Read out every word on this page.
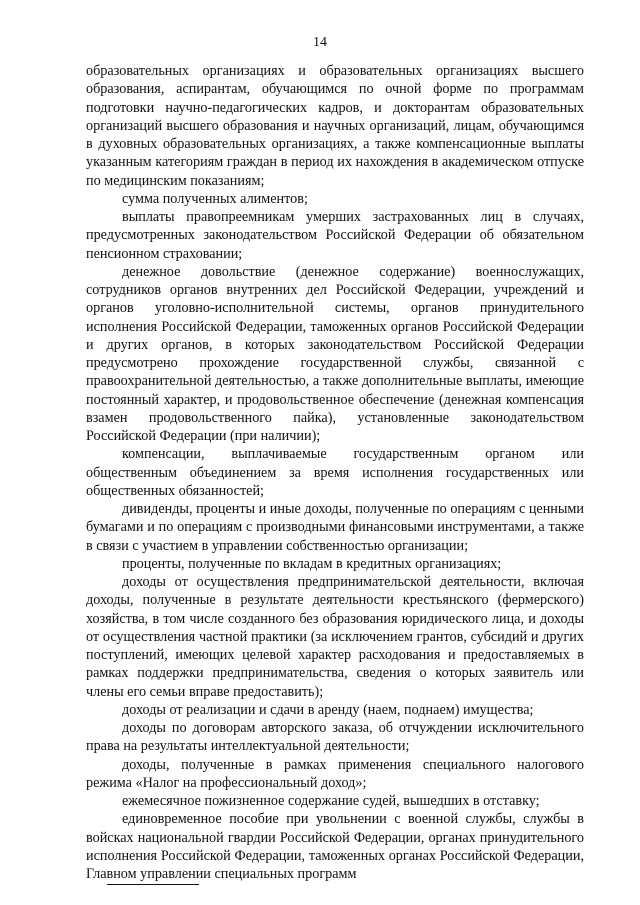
14

образовательных организациях и образовательных организациях высшего образования, аспирантам, обучающимся по очной форме по программам подготовки научно-педагогических кадров, и докторантам образовательных организаций высшего образования и научных организаций, лицам, обучающимся в духовных образовательных организациях, а также компенсационные выплаты указанным категориям граждан в период их нахождения в академическом отпуске по медицинским показаниям;

сумма полученных алиментов;

выплаты правопреемникам умерших застрахованных лиц в случаях, предусмотренных законодательством Российской Федерации об обязательном пенсионном страховании;

денежное довольствие (денежное содержание) военнослужащих, сотрудников органов внутренних дел Российской Федерации, учреждений и органов уголовно-исполнительной системы, органов принудительного исполнения Российской Федерации, таможенных органов Российской Федерации и других органов, в которых законодательством Российской Федерации предусмотрено прохождение государственной службы, связанной с правоохранительной деятельностью, а также дополнительные выплаты, имеющие постоянный характер, и продовольственное обеспечение (денежная компенсация взамен продовольственного пайка), установленные законодательством Российской Федерации (при наличии);

компенсации, выплачиваемые государственным органом или общественным объединением за время исполнения государственных или общественных обязанностей;

дивиденды, проценты и иные доходы, полученные по операциям с ценными бумагами и по операциям с производными финансовыми инструментами, а также в связи с участием в управлении собственностью организации;

проценты, полученные по вкладам в кредитных организациях;

доходы от осуществления предпринимательской деятельности, включая доходы, полученные в результате деятельности крестьянского (фермерского) хозяйства, в том числе созданного без образования юридического лица, и доходы от осуществления частной практики (за исключением грантов, субсидий и других поступлений, имеющих целевой характер расходования и предоставляемых в рамках поддержки предпринимательства, сведения о которых заявитель или члены его семьи вправе предоставить);

доходы от реализации и сдачи в аренду (наем, поднаем) имущества;

доходы по договорам авторского заказа, об отчуждении исключительного права на результаты интеллектуальной деятельности;

доходы, полученные в рамках применения специального налогового режима «Налог на профессиональный доход»;

ежемесячное пожизненное содержание судей, вышедших в отставку;

единовременное пособие при увольнении с военной службы, службы в войсках национальной гвардии Российской Федерации, органах принудительного исполнения Российской Федерации, таможенных органах Российской Федерации, Главном управлении специальных программ
